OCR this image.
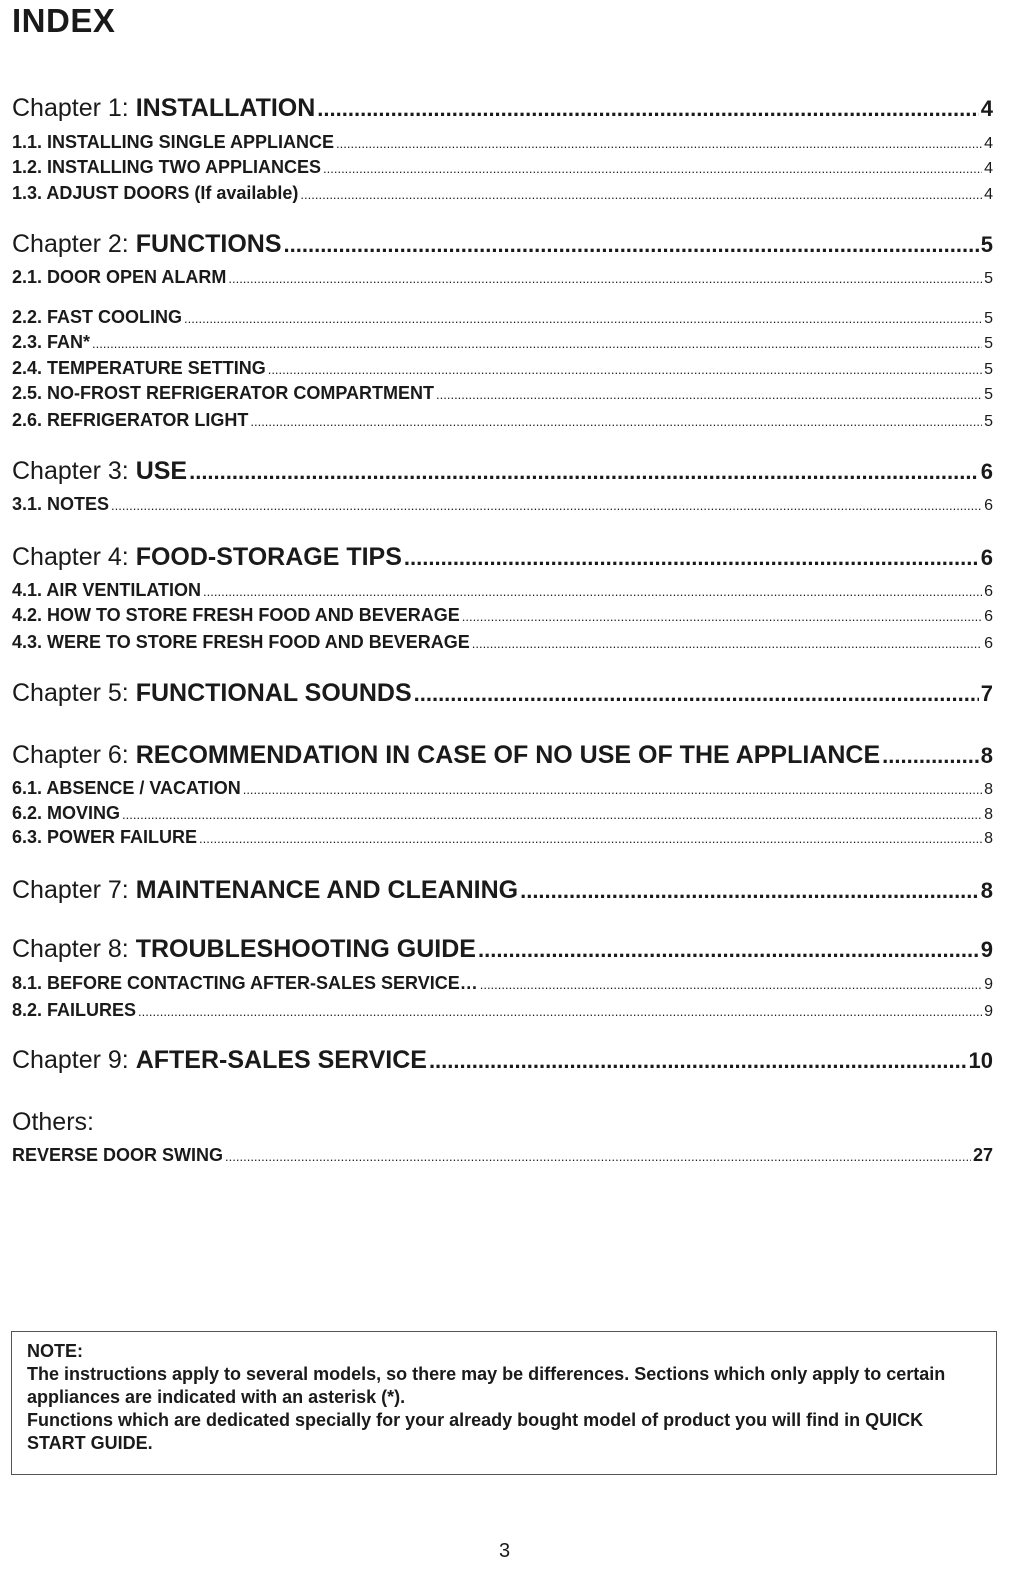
INDEX
Chapter 1: INSTALLATION .....	4
1.1. INSTALLING SINGLE APPLIANCE .....	4
1.2. INSTALLING TWO APPLIANCES .....	4
1.3. ADJUST DOORS (If available) .....	4
Chapter 2: FUNCTIONS .....	5
2.1. DOOR OPEN ALARM .....	5
2.2. FAST COOLING .....	5
2.3. FAN* .....	5
2.4. TEMPERATURE SETTING .....	5
2.5. NO-FROST REFRIGERATOR COMPARTMENT .....	5
2.6. REFRIGERATOR LIGHT .....	5
Chapter 3: USE .....	6
3.1. NOTES .....	6
Chapter 4: FOOD-STORAGE TIPS .....	6
4.1. AIR VENTILATION .....	6
4.2. HOW TO STORE FRESH FOOD AND BEVERAGE .....	6
4.3. WERE TO STORE FRESH FOOD AND BEVERAGE .....	6
Chapter 5: FUNCTIONAL SOUNDS .....	7
Chapter 6: RECOMMENDATION IN CASE OF NO USE OF THE APPLIANCE .....	8
6.1. ABSENCE / VACATION .....	8
6.2. MOVING .....	8
6.3. POWER FAILURE .....	8
Chapter 7: MAINTENANCE AND CLEANING .....	8
Chapter 8: TROUBLESHOOTING GUIDE .....	9
8.1. BEFORE CONTACTING AFTER-SALES SERVICE… .....	9
8.2. FAILURES .....	9
Chapter 9: AFTER-SALES SERVICE .....	10
Others:
REVERSE DOOR SWING .....	27

NOTE:

The instructions apply to several models, so there may be differences. Sections which only apply to certain appliances are indicated with an asterisk (*).

Functions which are dedicated specially for your already bought model of product you will find in QUICK START GUIDE.

3
